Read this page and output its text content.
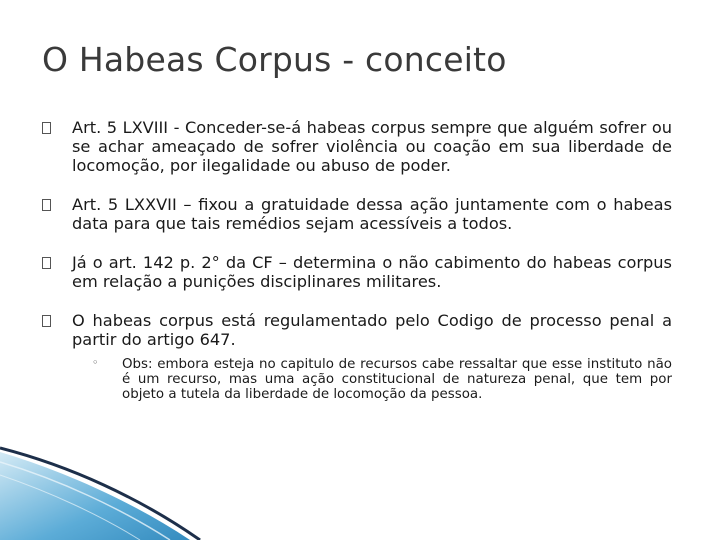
O Habeas Corpus - conceito
Art. 5 LXVIII - Conceder-se-á habeas corpus sempre que alguém sofrer ou se achar ameaçado de sofrer violência ou coação em sua liberdade de locomoção, por ilegalidade ou abuso de poder.
Art. 5 LXXVII – fixou a gratuidade dessa ação juntamente com o habeas data para que tais remédios sejam acessíveis a todos.
Já o art. 142 p. 2° da CF – determina o não cabimento do habeas corpus em relação a punições disciplinares militares.
O habeas corpus está regulamentado pelo Codigo de processo penal a partir do artigo 647.
◦ Obs: embora esteja no capitulo de recursos cabe ressaltar que esse instituto não é um recurso, mas uma ação constitucional de natureza penal, que tem por objeto a tutela da liberdade de locomoção da pessoa.
